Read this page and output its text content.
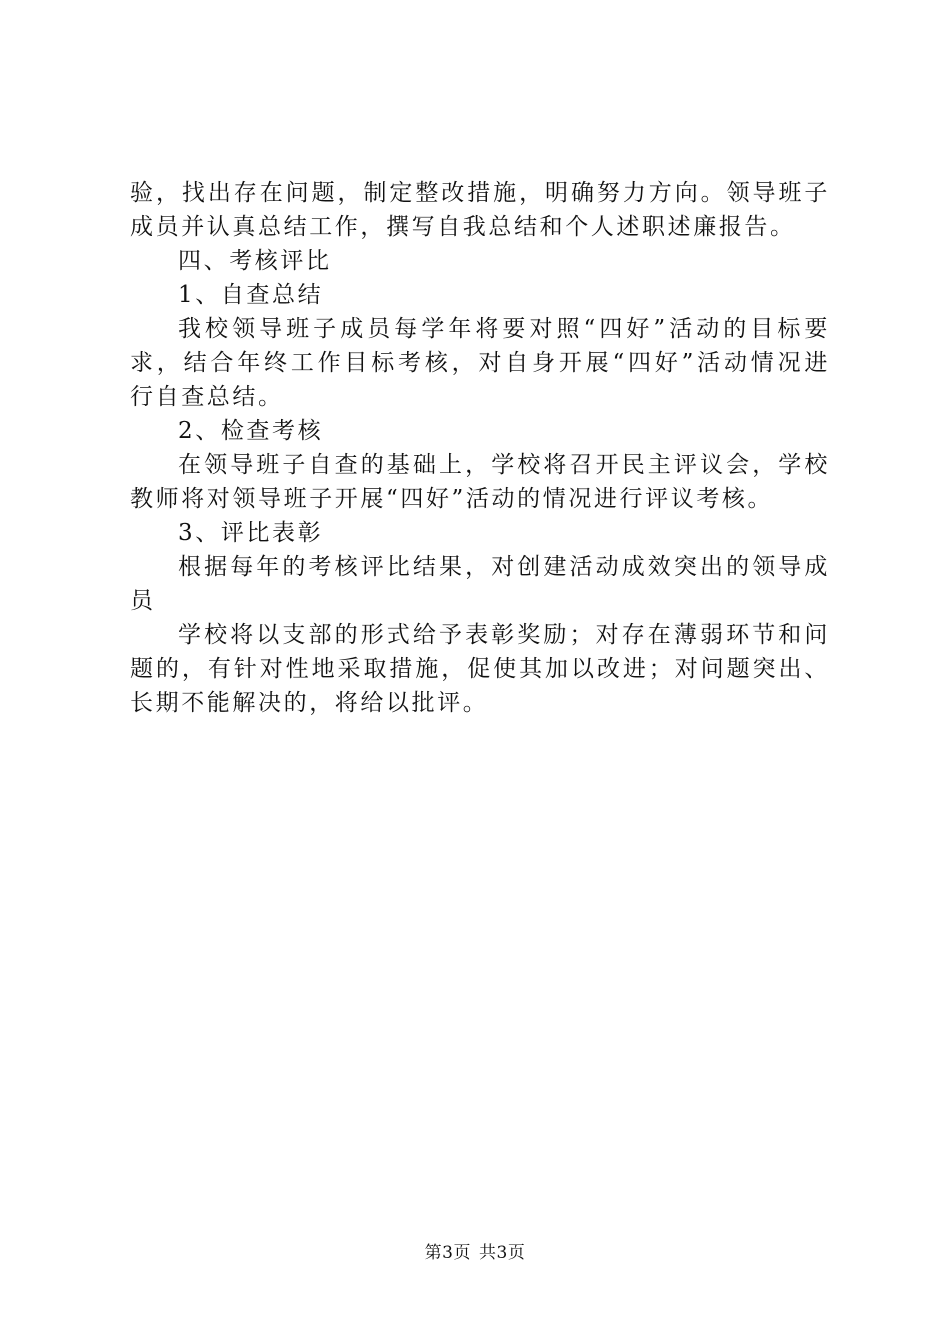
验，找出存在问题，制定整改措施，明确努力方向。领导班子
成员并认真总结工作，撰写自我总结和个人述职述廉报告。
四、考核评比
1、自查总结
我校领导班子成员每学年将要对照“四好”活动的目标要
求，结合年终工作目标考核，对自身开展“四好”活动情况进
行自查总结。
2、检查考核
在领导班子自查的基础上，学校将召开民主评议会，学校
教师将对领导班子开展“四好”活动的情况进行评议考核。
3、评比表彰
根据每年的考核评比结果，对创建活动成效突出的领导成
员
学校将以支部的形式给予表彰奖励；对存在薄弱环节和问
题的，有针对性地采取措施，促使其加以改进；对问题突出、
长期不能解决的，将给以批评。
第3页 共3页
